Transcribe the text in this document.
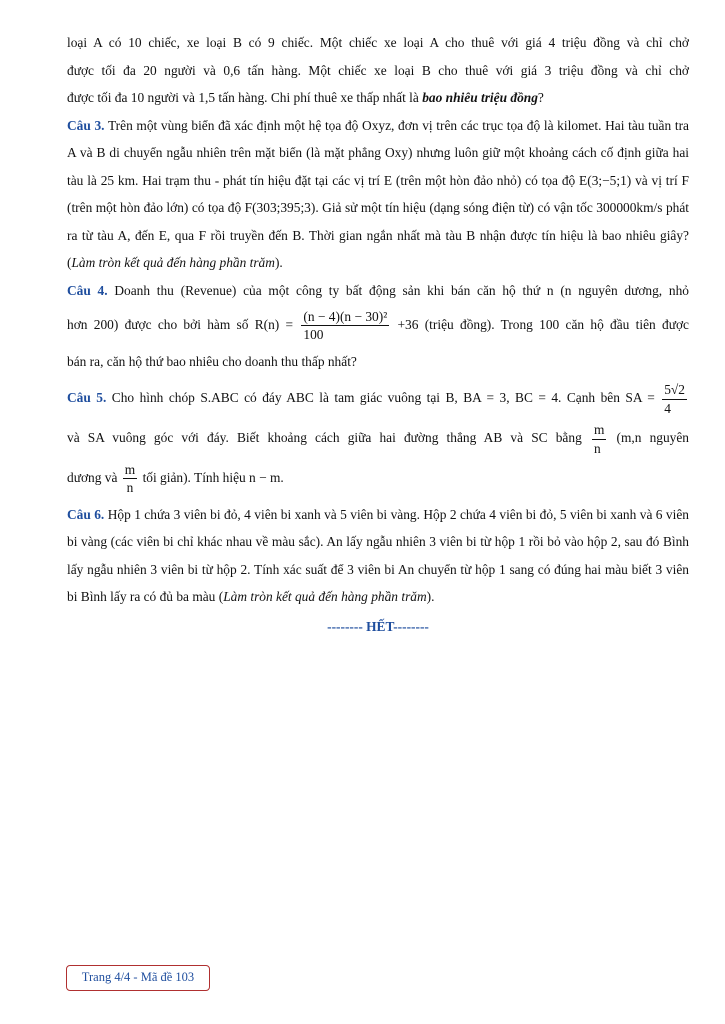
loại A có 10 chiếc, xe loại B có 9 chiếc. Một chiếc xe loại A cho thuê với giá 4 triệu đồng và chỉ chở

được tối đa 20 người và 0,6 tấn hàng. Một chiếc xe loại B cho thuê với giá 3 triệu đồng và chỉ chở

được tối đa 10 người và 1,5 tấn hàng. Chi phí thuê xe thấp nhất là bao nhiêu triệu đồng?

Câu 3. Trên một vùng biển đã xác định một hệ tọa độ Oxyz, đơn vị trên các trục tọa độ là kilomet. Hai tàu tuần tra A và B di chuyển ngẫu nhiên trên mặt biển (là mặt phẳng Oxy) nhưng luôn giữ một khoảng cách cố định giữa hai tàu là 25 km. Hai trạm thu - phát tín hiệu đặt tại các vị trí E (trên một hòn đảo nhỏ) có tọa độ E(3;−5;1) và vị trí F (trên một hòn đảo lớn) có tọa độ F(303;395;3). Giả sử một tín hiệu (dạng sóng điện từ) có vận tốc 300000km/s phát ra từ tàu A, đến E, qua F rồi truyền đến B. Thời gian ngắn nhất mà tàu B nhận được tín hiệu là bao nhiêu giây? (Làm tròn kết quả đến hàng phần trăm).

Câu 4. Doanh thu (Revenue) của một công ty bất động sản khi bán căn hộ thứ n (n nguyên dương, nhỏ

hơn 200) được cho bởi hàm số $R(n) = \frac{\text{(n − 4)(n − 30)²}}{100} +36$ (triệu đồng). Trong 100 căn hộ đầu tiên được

bán ra, căn hộ thứ bao nhiêu cho doanh thu thấp nhất?

Câu 5. Cho hình chóp S.ABC có đáy ABC là tam giác vuông tại B, BA = 3, BC = 4. Cạnh bên SA = $\frac{5√2}{4}$

và SA vuông góc với đáy. Biết khoảng cách giữa hai đường thẳng AB và SC bằng $\frac{m}{n} (m,n$ nguyên

dương và $\frac{m}{n}$ tối giản). Tính hiệu n − m.

Câu 6. Hộp 1 chứa 3 viên bi đỏ, 4 viên bi xanh và 5 viên bi vàng. Hộp 2 chứa 4 viên bi đỏ, 5 viên bi xanh và 6 viên bi vàng (các viên bi chỉ khác nhau về màu sắc). An lấy ngẫu nhiên 3 viên bi từ hộp 1 rồi bỏ vào hộp 2, sau đó Bình lấy ngẫu nhiên 3 viên bi từ hộp 2. Tính xác suất để 3 viên bi An chuyển từ hộp 1 sang có đúng hai màu biết 3 viên bi Bình lấy ra có đủ ba màu (Làm tròn kết quả đến hàng phần trăm).

-------- HẾT--------

Trang 4/4 - Mã đề 103
